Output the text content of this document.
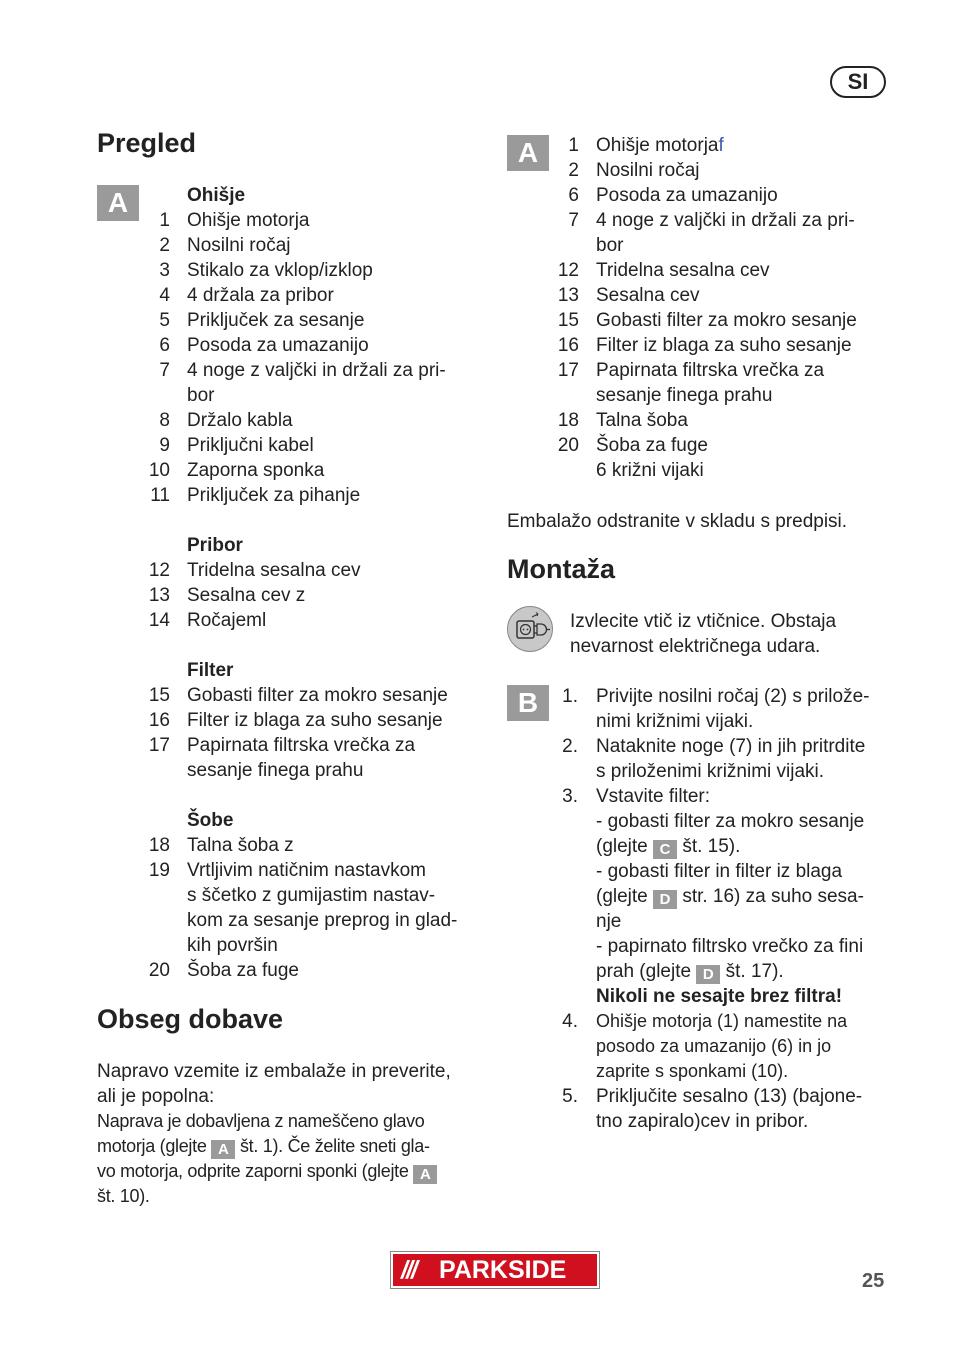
SI
Pregled
A	Ohišje
1 Ohišje motorja
2 Nosilni ročaj
3 Stikalo za vklop/izklop
4 4 držala za pribor
5 Priključek za sesanje
6 Posoda za umazanijo
7 4 noge z valjčki in držali za pri-
bor
8 Držalo kabla
9 Priključni kabel
10 Zaporna sponka
11 Priključek za pihanje
Pribor
12 Tridelna sesalna cev
13 Sesalna cev z
14 Ročajeml
Filter
15 Gobasti filter za mokro sesanje
16 Filter iz blaga za suho sesanje
17 Papirnata filtrska vrečka za
sesanje finega prahu
Šobe
18 Talna šoba z
19 Vrtljivim natičnim nastavkom
s ščetko z gumijastim nastav-
kom za sesanje preprog in glad-
kih površin
20 Šoba za fuge
Obseg dobave
Napravo vzemite iz embalaže in preverite,
ali je popolna:
Naprava je dobavljena z nameščeno glavo
motorja (glejte A št. 1). Če želite sneti gla-
vo motorja, odprite zaporni sponki (glejte A
št. 10).
A	1 Ohišje motorjaf
2 Nosilni ročaj
6 Posoda za umazanijo
7 4 noge z valjčki in držali za pri-
bor
12 Tridelna sesalna cev
13 Sesalna cev
15 Gobasti filter za mokro sesanje
16 Filter iz blaga za suho sesanje
17 Papirnata filtrska vrečka za
sesanje finega prahu
18 Talna šoba
20 Šoba za fuge
6 križni vijaki
Embalažo odstranite v skladu s predpisi.
Montaža
Izvlecite vtič iz vtičnice. Obstaja
nevarnost električnega udara.
B	1. Privijte nosilni ročaj (2) s prilože-
nimi križnimi vijaki.
2. Nataknite noge (7) in jih pritrdite
s priloženimi križnimi vijaki.
3. Vstavite filter:
- gobasti filter za mokro sesanje
(glejte C št. 15).
- gobasti filter in filter iz blaga
(glejte D str. 16) za suho sesa-
nje
- papirnato filtrsko vrečko za fini
prah (glejte D št. 17).
Nikoli ne sesajte brez filtra!
4. Ohišje motorja (1) namestite na
posodo za umazanijo (6) in jo
zaprite s sponkami (10).
5. Priključite sesalno (13) (bajone-
tno zapiralo)cev in pribor.
/// PARKSIDE	25
